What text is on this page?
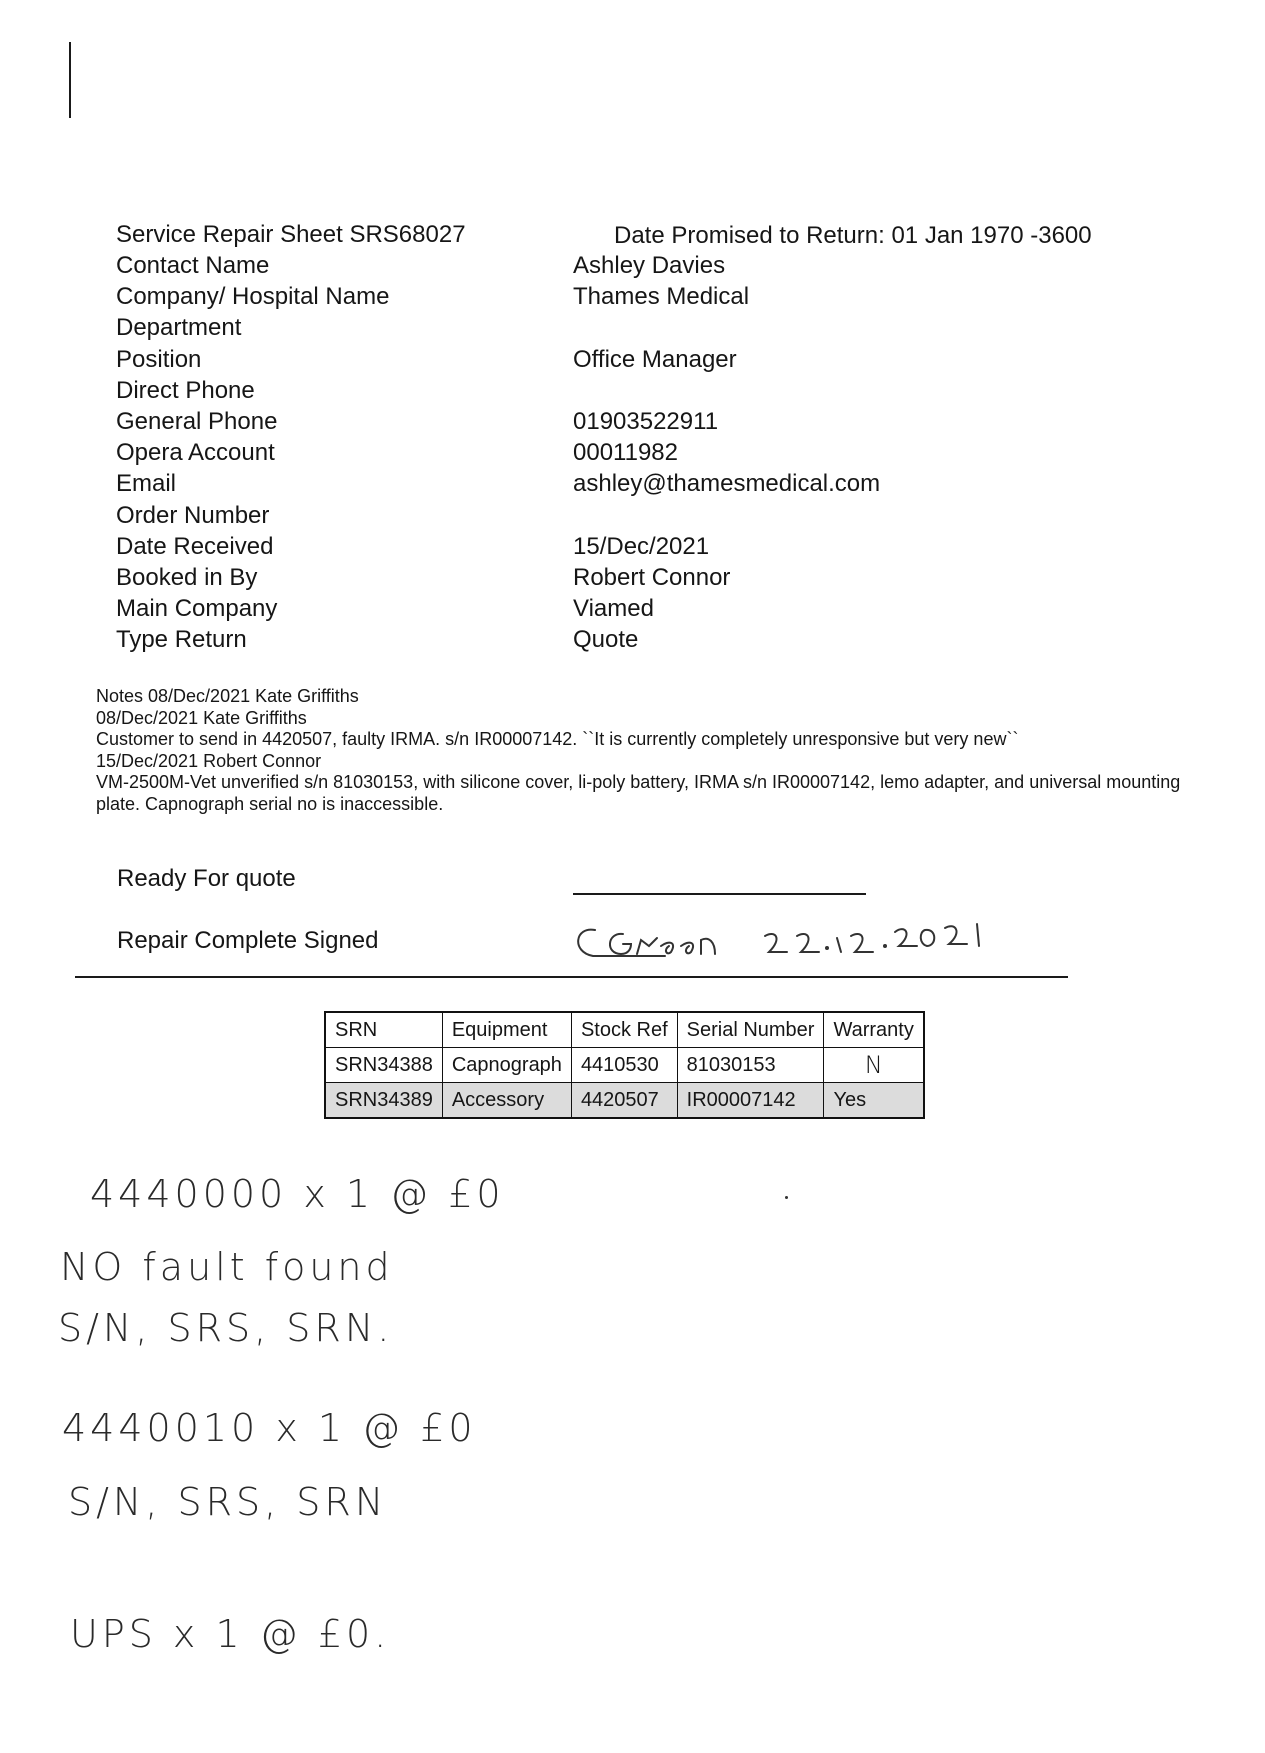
Service Repair Sheet SRS68027	Date Promised to Return: 01 Jan 1970 -3600
Contact Name	Ashley Davies
Company/ Hospital Name	Thames Medical
Department
Position	Office Manager
Direct Phone
General Phone	01903522911
Opera Account	00011982
Email	ashley@thamesmedical.com
Order Number
Date Received	15/Dec/2021
Booked in By	Robert Connor
Main Company	Viamed
Type Return	Quote
Notes 08/Dec/2021 Kate Griffiths
08/Dec/2021 Kate Griffiths
Customer to send in 4420507, faulty IRMA. s/n IR00007142. ``It is currently completely unresponsive but very new``
15/Dec/2021 Robert Connor
VM-2500M-Vet unverified s/n 81030153, with silicone cover, li-poly battery, IRMA s/n IR00007142, lemo adapter, and universal mounting plate. Capnograph serial no is inaccessible.
Ready For quote
Repair Complete Signed
SRN	Equipment	Stock Ref	Serial Number	Warranty
SRN34388	Capnograph	4410530	81030153	N
SRN34389	Accessory	4420507	IR00007142	Yes
4440000 x 1 @ £0
NO fault found
S/N, SRS, SRN.
4440010 x 1 @ £0
S/N, SRS, SRN
UPS x 1 @ £0.
